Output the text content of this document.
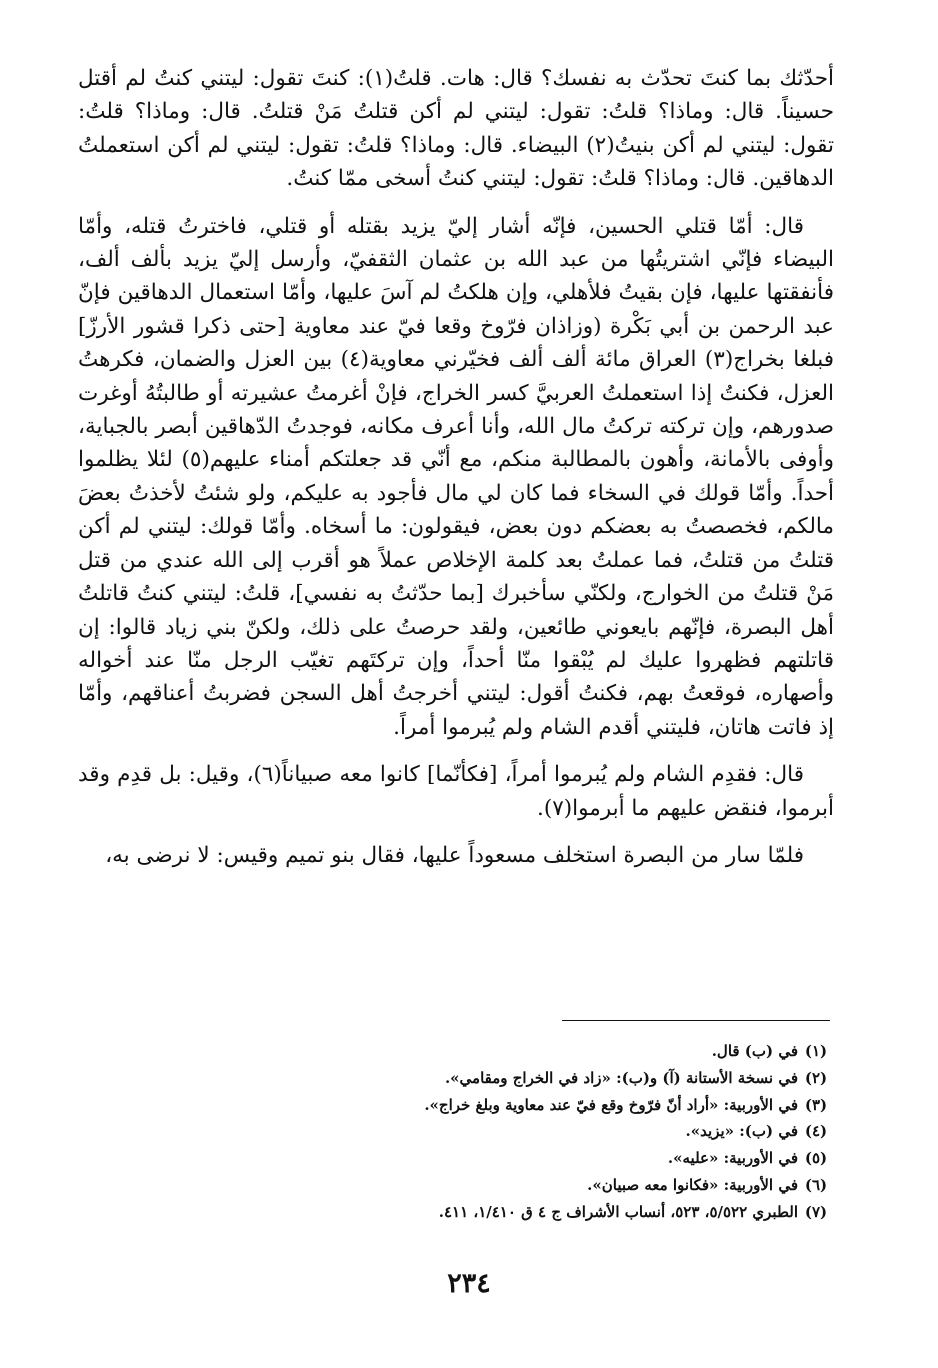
أحدّثك بما كنتَ تحدّث به نفسك؟ قال: هات. قلتُ(١): كنتَ تقول: ليتني كنتُ لم أقتل حسيناً. قال: وماذا؟ قلتُ: تقول: ليتني لم أكن قتلتُ مَنْ قتلتُ. قال: وماذا؟ قلتُ: تقول: ليتني لم أكن بنيتُ(٢) البيضاء. قال: وماذا؟ قلتُ: تقول: ليتني لم أكن استعملتُ الدهاقين. قال: وماذا؟ قلتُ: تقول: ليتني كنتُ أسخى ممّا كنتُ.

قال: أمّا قتلي الحسين، فإنّه أشار إليّ يزيد بقتله أو قتلي، فاخترتُ قتله، وأمّا البيضاء فإنّي اشتريتُها من عبد الله بن عثمان الثقفيّ، وأرسل إليّ يزيد بألف ألف، فأنفقتها عليها، فإن بقيتُ فلأهلي، وإن هلكتُ لم آسَ عليها، وأمّا استعمال الدهاقين فإنّ عبد الرحمن بن أبي بَكْرة (وزاذان فرّوخ وقعا فيّ عند معاوية [حتى ذكرا قشور الأرزّ] فبلغا بخراج(٣) العراق مائة ألف ألف فخيّرني معاوية(٤) بين العزل والضمان، فكرهتُ العزل، فكنتُ إذا استعملتُ العربيَّ كسر الخراج، فإنْ أغرمتُ عشيرته أو طالبتُهُ أوغرت صدورهم، وإن تركته تركتُ مال الله، وأنا أعرف مكانه، فوجدتُ الدّهاقين أبصر بالجباية، وأوفى بالأمانة، وأهون بالمطالبة منكم، مع أنّي قد جعلتكم أمناء عليهم(٥) لئلا يظلموا أحداً. وأمّا قولك في السخاء فما كان لي مال فأجود به عليكم، ولو شئتُ لأخذتُ بعضَ مالكم، فخصصتُ به بعضكم دون بعض، فيقولون: ما أسخاه. وأمّا قولك: ليتني لم أكن قتلتُ من قتلتُ، فما عملتُ بعد كلمة الإخلاص عملاً هو أقرب إلى الله عندي من قتل مَنْ قتلتُ من الخوارج، ولكنّي سأخبرك [بما حدّثتُ به نفسي]، قلتُ: ليتني كنتُ قاتلتُ أهل البصرة، فإنّهم بايعوني طائعين، ولقد حرصتُ على ذلك، ولكنّ بني زياد قالوا: إن قاتلتهم فظهروا عليك لم يُبْقوا منّا أحداً، وإن تركتَهم تغيّب الرجل منّا عند أخواله وأصهاره، فوقعتُ بهم، فكنتُ أقول: ليتني أخرجتُ أهل السجن فضربتُ أعناقهم، وأمّا إذ فاتت هاتان، فليتني أقدم الشام ولم يُبرموا أمراً.

قال: فقدِم الشام ولم يُبرموا أمراً، [فكأنّما] كانوا معه صبياناً(٦)، وقيل: بل قدِم وقد أبرموا، فنقض عليهم ما أبرموا(٧).

فلمّا سار من البصرة استخلف مسعوداً عليها، فقال بنو تميم وقيس: لا نرضى به،

(١)
في (ب) قال.
(٢)
في نسخة الأستانة (آ) و(ب): «زاد في الخراج ومقامي».
(٣)
في الأوربية: «أراد أنّ فرّوخ وقع فيّ عند معاوية وبلغ خراج».
(٤)
في (ب): «يزيد».
(٥)
في الأوربية: «عليه».
(٦)
في الأوربية: «فكانوا معه صبيان».
(٧)
الطبري ٥/٥٢٢، ٥٢٣، أنساب الأشراف ج ٤ ق ١/٤١٠، ٤١١.
٢٣٤
